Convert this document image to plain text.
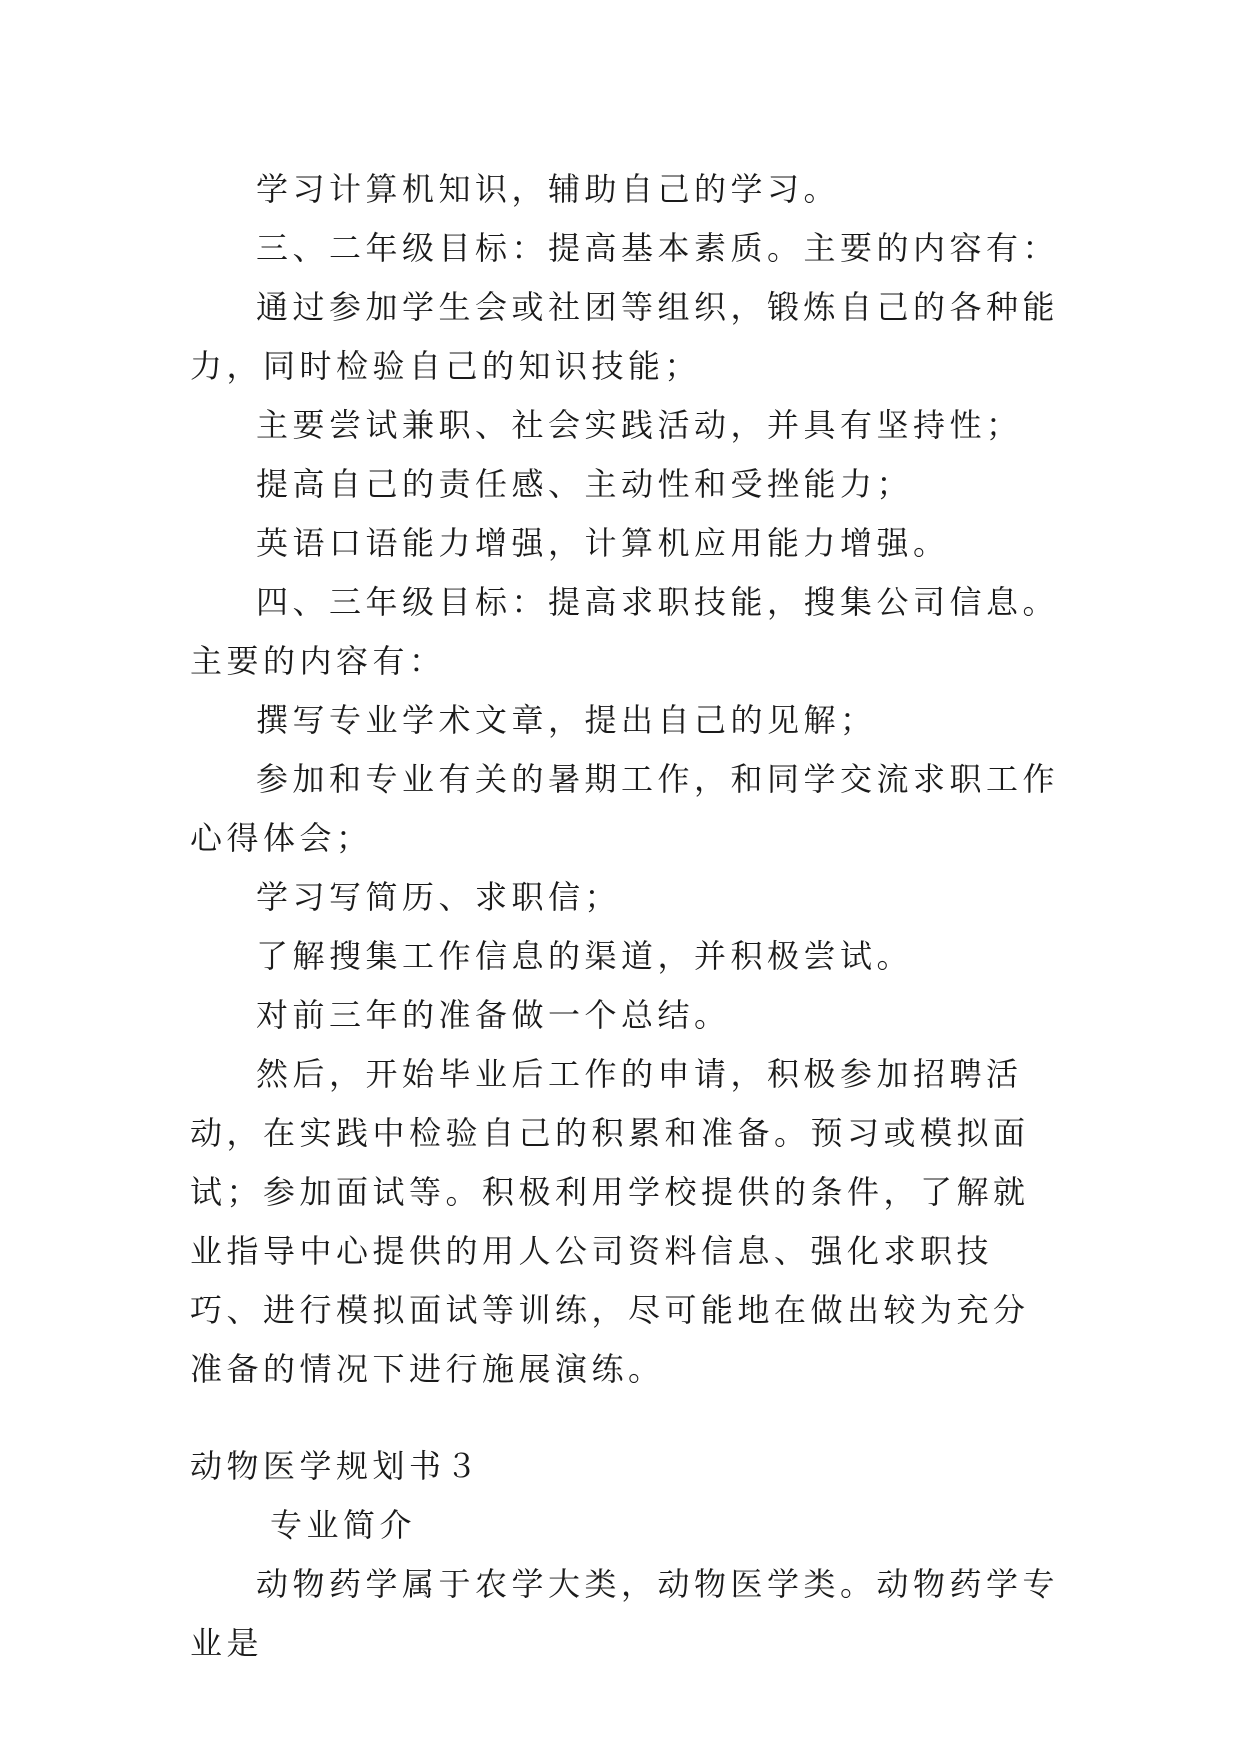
学习计算机知识，辅助自己的学习。

三、二年级目标：提高基本素质。主要的内容有：

通过参加学生会或社团等组织，锻炼自己的各种能力，同时检验自己的知识技能；

主要尝试兼职、社会实践活动，并具有坚持性；

提高自己的责任感、主动性和受挫能力；

英语口语能力增强，计算机应用能力增强。

四、三年级目标：提高求职技能，搜集公司信息。主要的内容有：

撰写专业学术文章，提出自己的见解；

参加和专业有关的暑期工作，和同学交流求职工作心得体会；

学习写简历、求职信；

了解搜集工作信息的渠道，并积极尝试。

对前三年的准备做一个总结。

然后，开始毕业后工作的申请，积极参加招聘活动，在实践中检验自己的积累和准备。预习或模拟面试；参加面试等。积极利用学校提供的条件，了解就业指导中心提供的用人公司资料信息、强化求职技巧、进行模拟面试等训练，尽可能地在做出较为充分准备的情况下进行施展演练。

动物医学规划书３

专业简介

动物药学属于农学大类，动物医学类。动物药学专业是
